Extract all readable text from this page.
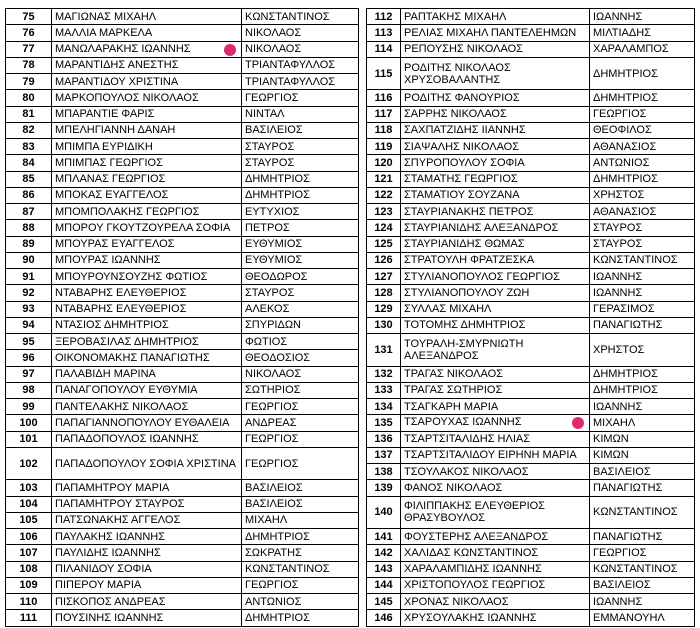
75	ΜΑΓΙΩΝΑΣ ΜΙΧΑΗΛ	ΚΩΝΣΤΑΝΤΙΝΟΣ
76	ΜΑΛΛΙΑ ΜΑΡΚΕΛΑ	ΝΙΚΟΛΑΟΣ
77	ΜΑΝΩΛΑΡΑΚΗΣ ΙΩΑΝΝΗΣ	ΝΙΚΟΛΑΟΣ
78	ΜΑΡΑΝΤΙΔΗΣ ΑΝΕΣΤΗΣ	ΤΡΙΑΝΤΑΦΥΛΛΟΣ
79	ΜΑΡΑΝΤΙΔΟΥ ΧΡΙΣΤΙΝΑ	ΤΡΙΑΝΤΑΦΥΛΛΟΣ
80	ΜΑΡΚΟΠΟΥΛΟΣ ΝΙΚΟΛΑΟΣ	ΓΕΩΡΓΙΟΣ
81	ΜΠΑΡΑΝΤΙΕ ΦΑΡΙΣ	ΝΙΝΤΑΛ
82	ΜΠΕΛΗΓΙΑΝΝΗ ΔΑΝΑΗ	ΒΑΣΙΛΕΙΟΣ
83	ΜΠΙΜΠΑ ΕΥΡΙΔΙΚΗ	ΣΤΑΥΡΟΣ
84	ΜΠΙΜΠΑΣ ΓΕΩΡΓΙΟΣ	ΣΤΑΥΡΟΣ
85	ΜΠΛΑΝΑΣ ΓΕΩΡΓΙΟΣ	ΔΗΜΗΤΡΙΟΣ
86	ΜΠΟΚΑΣ ΕΥΑΓΓΕΛΟΣ	ΔΗΜΗΤΡΙΟΣ
87	ΜΠΟΜΠΟΛΑΚΗΣ ΓΕΩΡΓΙΟΣ	ΕΥΤΥΧΙΟΣ
88	ΜΠΟΡΟΥ ΓΚΟΥΤΖΟΥΡΕΛΑ ΣΟΦΙΑ	ΠΕΤΡΟΣ
89	ΜΠΟΥΡΑΣ ΕΥΑΓΓΕΛΟΣ	ΕΥΘΥΜΙΟΣ
90	ΜΠΟΥΡΑΣ ΙΩΑΝΝΗΣ	ΕΥΘΥΜΙΟΣ
91	ΜΠΟΥΡΟΥΝΣΟΥΖΗΣ ΦΩΤΙΟΣ	ΘΕΟΔΩΡΟΣ
92	ΝΤΑΒΑΡΗΣ ΕΛΕΥΘΕΡΙΟΣ	ΣΤΑΥΡΟΣ
93	ΝΤΑΒΑΡΗΣ ΕΛΕΥΘΕΡΙΟΣ	ΑΛΕΚΟΣ
94	ΝΤΑΣΙΟΣ ΔΗΜΗΤΡΙΟΣ	ΣΠΥΡΙΔΩΝ
95	ΞΕΡΟΒΑΣΙΛΑΣ ΔΗΜΗΤΡΙΟΣ	ΦΩΤΙΟΣ
96	ΟΙΚΟΝΟΜΑΚΗΣ ΠΑΝΑΓΙΩΤΗΣ	ΘΕΟΔΟΣΙΟΣ
97	ΠΑΛΑΒΙΔΗ ΜΑΡΙΝΑ	ΝΙΚΟΛΑΟΣ
98	ΠΑΝΑΓΟΠΟΥΛΟΥ ΕΥΘΥΜΙΑ	ΣΩΤΗΡΙΟΣ
99	ΠΑΝΤΕΛΑΚΗΣ ΝΙΚΟΛΑΟΣ	ΓΕΩΡΓΙΟΣ
100	ΠΑΠΑΓΙΑΝΝΟΠΟΥΛΟΥ ΕΥΘΑΛΕΙΑ	ΑΝΔΡΕΑΣ
101	ΠΑΠΑΔΟΠΟΥΛΟΣ ΙΩΑΝΝΗΣ	ΓΕΩΡΓΙΟΣ
102	ΠΑΠΑΔΟΠΟΥΛΟΥ ΣΟΦΙΑ ΧΡΙΣΤΙΝΑ	ΓΕΩΡΓΙΟΣ
103	ΠΑΠΑΜΗΤΡΟΥ ΜΑΡΙΑ	ΒΑΣΙΛΕΙΟΣ
104	ΠΑΠΑΜΗΤΡΟΥ ΣΤΑΥΡΟΣ	ΒΑΣΙΛΕΙΟΣ
105	ΠΑΤΣΩΝΑΚΗΣ ΑΓΓΕΛΟΣ	ΜΙΧΑΗΛ
106	ΠΑΥΛΑΚΗΣ ΙΩΑΝΝΗΣ	ΔΗΜΗΤΡΙΟΣ
107	ΠΑΥΛΙΔΗΣ ΙΩΑΝΝΗΣ	ΣΩΚΡΑΤΗΣ
108	ΠΙΛΑΝΙΔΟΥ ΣΟΦΙΑ	ΚΩΝΣΤΑΝΤΙΝΟΣ
109	ΠΙΠΕΡΟΥ ΜΑΡΙΑ	ΓΕΩΡΓΙΟΣ
110	ΠΙΣΚΟΠΟΣ ΑΝΔΡΕΑΣ	ΑΝΤΩΝΙΟΣ
111	ΠΟΥΣΙΝΗΣ ΙΩΑΝΝΗΣ	ΔΗΜΗΤΡΙΟΣ
112	ΡΑΠΤΑΚΗΣ ΜΙΧΑΗΛ	ΙΩΑΝΝΗΣ
113	ΡΕΛΙΑΣ ΜΙΧΑΗΛ ΠΑΝΤΕΛΕΗΜΩΝ	ΜΙΛΤΙΑΔΗΣ
114	ΡΕΠΟΥΣΗΣ ΝΙΚΟΛΑΟΣ	ΧΑΡΑΛΑΜΠΟΣ
115	ΡΟΔΙΤΗΣ ΝΙΚΟΛΑΟΣ ΧΡΥΣΟΒΑΛΑΝΤΗΣ	ΔΗΜΗΤΡΙΟΣ
116	ΡΟΔΙΤΗΣ ΦΑΝΟΥΡΙΟΣ	ΔΗΜΗΤΡΙΟΣ
117	ΣΑΡΡΗΣ ΝΙΚΟΛΑΟΣ	ΓΕΩΡΓΙΟΣ
118	ΣΑΧΠΑΤΖΙΔΗΣ ΙΙΑΝΝΗΣ	ΘΕΟΦΙΛΟΣ
119	ΣΙΑΨΑΛΗΣ ΝΙΚΟΛΑΟΣ	ΑΘΑΝΑΣΙΟΣ
120	ΣΠΥΡΟΠΟΥΛΟΥ ΣΟΦΙΑ	ΑΝΤΩΝΙΟΣ
121	ΣΤΑΜΑΤΗΣ ΓΕΩΡΓΙΟΣ	ΔΗΜΗΤΡΙΟΣ
122	ΣΤΑΜΑΤΙΟΥ ΣΟΥΖΑΝΑ	ΧΡΗΣΤΟΣ
123	ΣΤΑΥΡΙΑΝΑΚΗΣ ΠΕΤΡΟΣ	ΑΘΑΝΑΣΙΟΣ
124	ΣΤΑΥΡΙΑΝΙΔΗΣ ΑΛΕΞΑΝΔΡΟΣ	ΣΤΑΥΡΟΣ
125	ΣΤΑΥΡΙΑΝΙΔΗΣ ΘΩΜΑΣ	ΣΤΑΥΡΟΣ
126	ΣΤΡΑΤΟΥΛΗ ΦΡΑΤΖΕΣΚΑ	ΚΩΝΣΤΑΝΤΙΝΟΣ
127	ΣΤΥΛΙΑΝΟΠΟΥΛΟΣ ΓΕΩΡΓΙΟΣ	ΙΩΑΝΝΗΣ
128	ΣΤΥΛΙΑΝΟΠΟΥΛΟΥ ΖΩΗ	ΙΩΑΝΝΗΣ
129	ΣΥΛΛΑΣ ΜΙΧΑΗΛ	ΓΕΡΑΣΙΜΟΣ
130	ΤΟΤΟΜΗΣ ΔΗΜΗΤΡΙΟΣ	ΠΑΝΑΓΙΩΤΗΣ
131	ΤΟΥΡΑΛΗ-ΣΜΥΡΝΙΩΤΗ ΑΛΕΞΑΝΔΡΟΣ	ΧΡΗΣΤΟΣ
132	ΤΡΑΓΑΣ ΝΙΚΟΛΑΟΣ	ΔΗΜΗΤΡΙΟΣ
133	ΤΡΑΓΑΣ ΣΩΤΗΡΙΟΣ	ΔΗΜΗΤΡΙΟΣ
134	ΤΣΑΓΚΑΡΗ ΜΑΡΙΑ	ΙΩΑΝΝΗΣ
135	ΤΣΑΡΟΥΧΑΣ ΙΩΑΝΝΗΣ	ΜΙΧΑΗΛ
136	ΤΣΑΡΤΣΙΤΑΛΙΔΗΣ ΗΛΙΑΣ	ΚΙΜΩΝ
137	ΤΣΑΡΤΣΙΤΑΛΙΔΟΥ ΕΙΡΗΝΗ ΜΑΡΙΑ	ΚΙΜΩΝ
138	ΤΣΟΥΛΑΚΟΣ ΝΙΚΟΛΑΟΣ	ΒΑΣΙΛΕΙΟΣ
139	ΦΑΝΟΣ ΝΙΚΟΛΑΟΣ	ΠΑΝΑΓΙΩΤΗΣ
140	ΦΙΛΙΠΠΑΚΗΣ ΕΛΕΥΘΕΡΙΟΣ ΘΡΑΣΥΒΟΥΛΟΣ	ΚΩΝΣΤΑΝΤΙΝΟΣ
141	ΦΟΥΣΤΕΡΗΣ ΑΛΕΞΑΝΔΡΟΣ	ΠΑΝΑΓΙΩΤΗΣ
142	ΧΑΛΙΔΑΣ ΚΩΝΣΤΑΝΤΙΝΟΣ	ΓΕΩΡΓΙΟΣ
143	ΧΑΡΑΛΑΜΠΙΔΗΣ ΙΩΑΝΝΗΣ	ΚΩΝΣΤΑΝΤΙΝΟΣ
144	ΧΡΙΣΤΟΠΟΥΛΟΣ ΓΕΩΡΓΙΟΣ	ΒΑΣΙΛΕΙΟΣ
145	ΧΡΟΝΑΣ ΝΙΚΟΛΑΟΣ	ΙΩΑΝΝΗΣ
146	ΧΡΥΣΟΥΛΑΚΗΣ ΙΩΑΝΝΗΣ	ΕΜΜΑΝΟΥΗΛ
